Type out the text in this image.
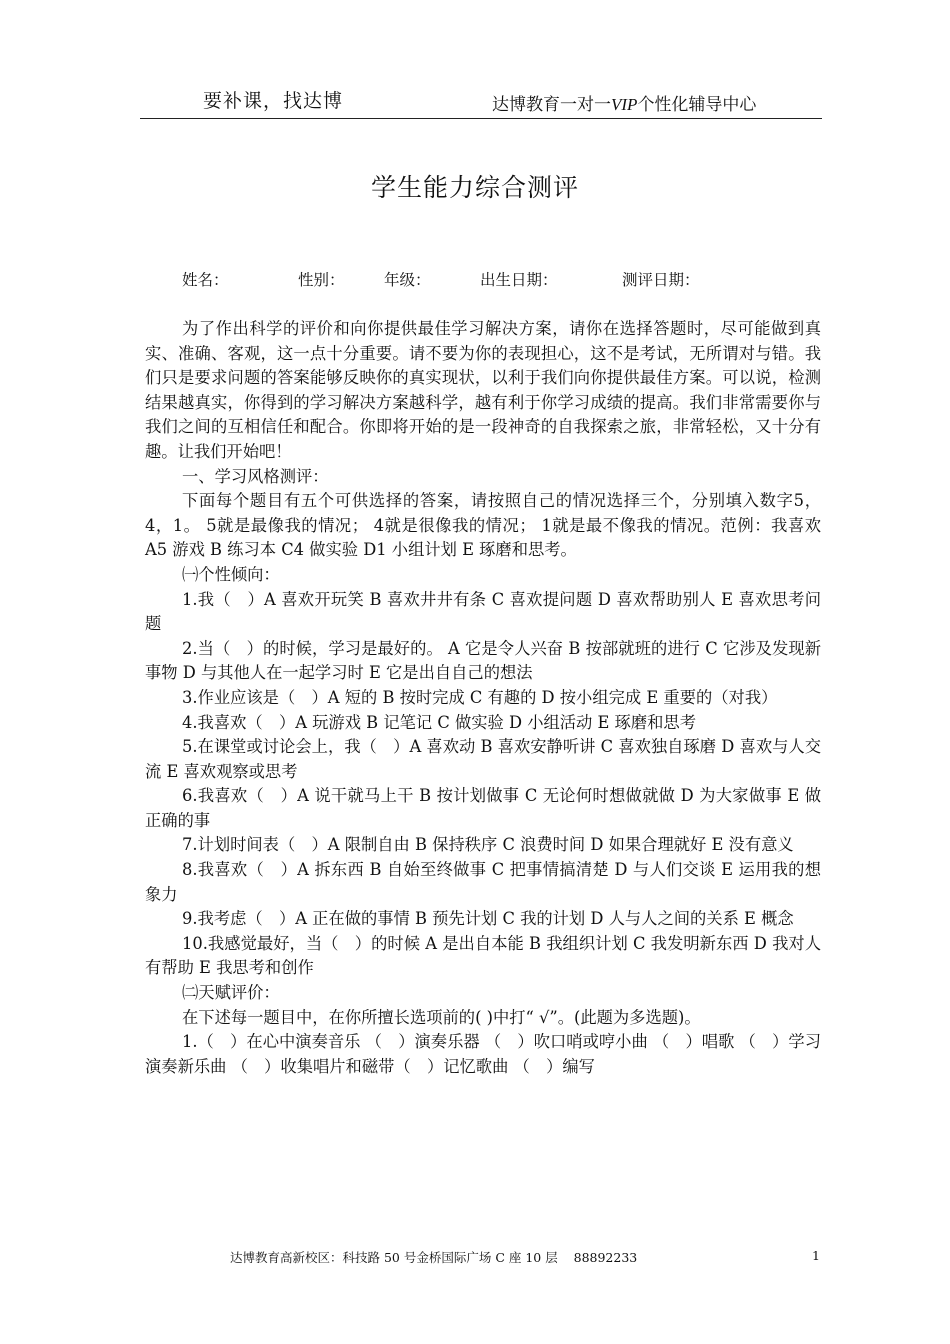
要补课，找达博	达博教育一对一VIP个性化辅导中心
学生能力综合测评
姓名：	性别：	年级：	出生日期：	测评日期：

为了作出科学的评价和向你提供最佳学习解决方案，请你在选择答题时，尽可能做到真实、准确、客观，这一点十分重要。请不要为你的表现担心，这不是考试，无所谓对与错。我们只是要求问题的答案能够反映你的真实现状，以利于我们向你提供最佳方案。可以说，检测结果越真实，你得到的学习解决方案越科学，越有利于你学习成绩的提高。我们非常需要你与我们之间的互相信任和配合。你即将开始的是一段神奇的自我探索之旅，非常轻松，又十分有趣。让我们开始吧！

一、学习风格测评：

下面每个题目有五个可供选择的答案，请按照自己的情况选择三个，分别填入数字5，4，1。 5就是最像我的情况； 4就是很像我的情况； 1就是最不像我的情况。范例：我喜欢 A5 游戏 B 练习本 C4 做实验 D1 小组计划 E 琢磨和思考。

㈠个性倾向：

1.我（　）A 喜欢开玩笑 B 喜欢井井有条 C 喜欢提问题 D 喜欢帮助别人 E 喜欢思考问题

2.当（　）的时候，学习是最好的。 A 它是令人兴奋 B 按部就班的进行 C 它涉及发现新事物 D 与其他人在一起学习时 E 它是出自自己的想法

3.作业应该是（　）A 短的 B 按时完成 C 有趣的 D 按小组完成 E 重要的（对我）

4.我喜欢（　）A 玩游戏 B 记笔记 C 做实验 D 小组活动 E 琢磨和思考

5.在课堂或讨论会上，我（　）A 喜欢动 B 喜欢安静听讲 C 喜欢独自琢磨 D 喜欢与人交流 E 喜欢观察或思考

6.我喜欢（　）A 说干就马上干 B 按计划做事 C 无论何时想做就做 D 为大家做事 E 做正确的事

7.计划时间表（　）A 限制自由 B 保持秩序 C 浪费时间 D 如果合理就好 E 没有意义

8.我喜欢（　）A 拆东西 B 自始至终做事 C 把事情搞清楚 D 与人们交谈 E 运用我的想象力

9.我考虑（　）A 正在做的事情 B 预先计划 C 我的计划 D 人与人之间的关系 E 概念

10.我感觉最好，当（　）的时候 A 是出自本能 B 我组织计划 C 我发明新东西 D 我对人有帮助 E 我思考和创作

㈡天赋评价：

在下述每一题目中，在你所擅长选项前的( )中打“ √”。(此题为多选题)。

1.（　）在心中演奏音乐 （　）演奏乐器 （　）吹口哨或哼小曲 （　）唱歌 （　）学习演奏新乐曲 （　）收集唱片和磁带（　）记忆歌曲 （　）编写

达博教育高新校区：科技路 50 号金桥国际广场 C 座 10 层    88892233	1
